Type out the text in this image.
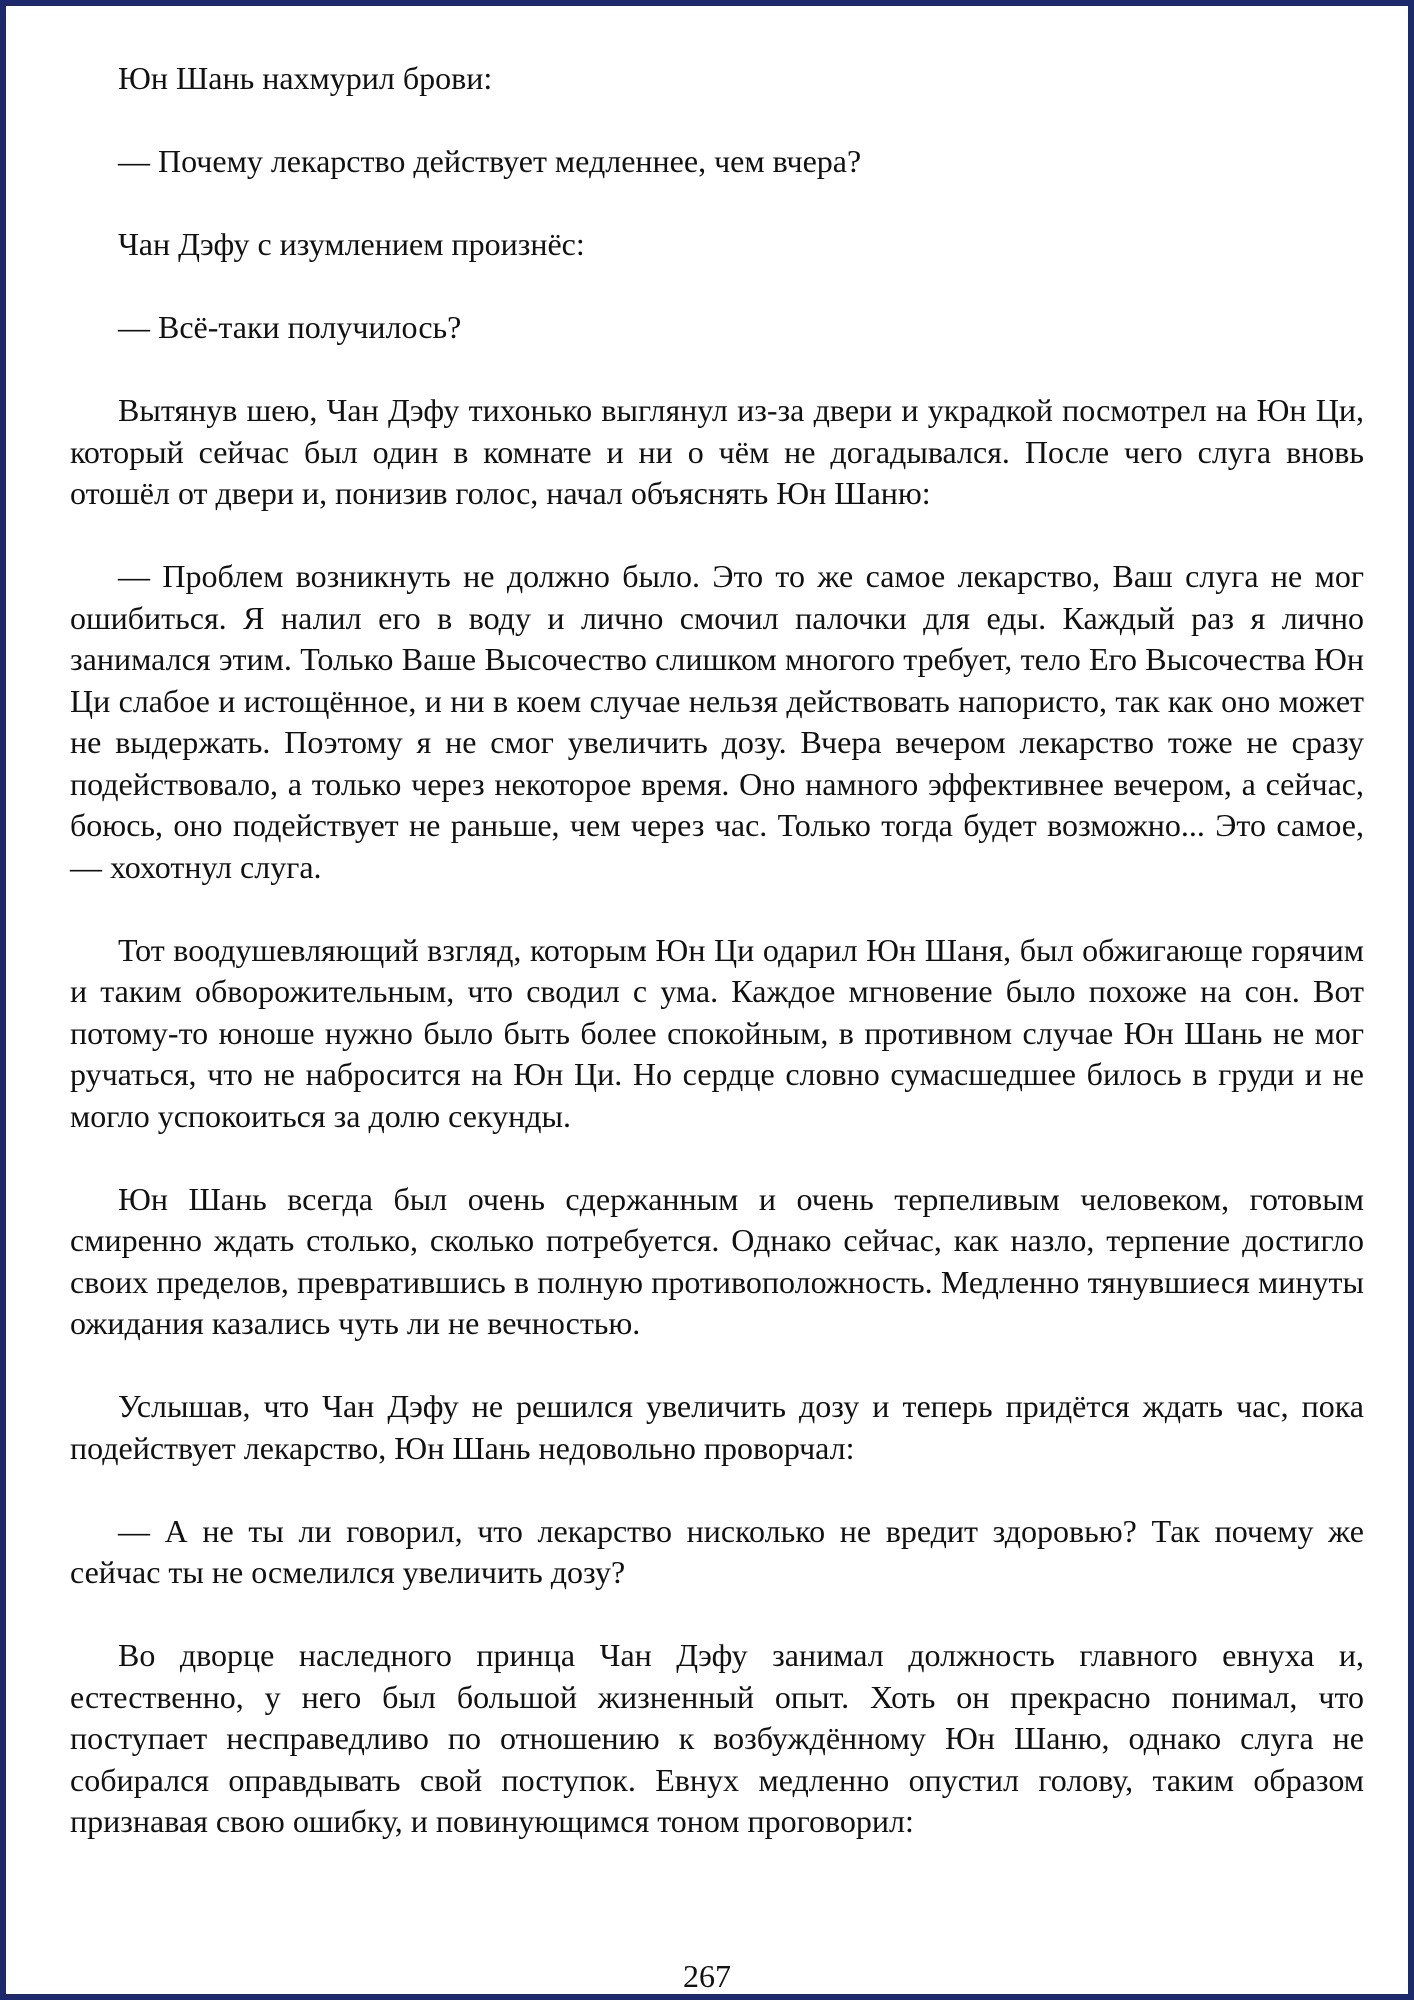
Юн Шань нахмурил брови:

— Почему лекарство действует медленнее, чем вчера?

Чан Дэфу с изумлением произнёс:

— Всё-таки получилось?

Вытянув шею, Чан Дэфу тихонько выглянул из-за двери и украдкой посмотрел на Юн Ци, который сейчас был один в комнате и ни о чём не догадывался. После чего слуга вновь отошёл от двери и, понизив голос, начал объяснять Юн Шаню:

— Проблем возникнуть не должно было. Это то же самое лекарство, Ваш слуга не мог ошибиться. Я налил его в воду и лично смочил палочки для еды. Каждый раз я лично занимался этим. Только Ваше Высочество слишком многого требует, тело Его Высочества Юн Ци слабое и истощённое, и ни в коем случае нельзя действовать напористо, так как оно может не выдержать. Поэтому я не смог увеличить дозу. Вчера вечером лекарство тоже не сразу подействовало, а только через некоторое время. Оно намного эффективнее вечером, а сейчас, боюсь, оно подействует не раньше, чем через час. Только тогда будет возможно... Это самое, — хохотнул слуга.

Тот воодушевляющий взгляд, которым Юн Ци одарил Юн Шаня, был обжигающе горячим и таким обворожительным, что сводил с ума. Каждое мгновение было похоже на сон. Вот потому-то юноше нужно было быть более спокойным, в противном случае Юн Шань не мог ручаться, что не набросится на Юн Ци. Но сердце словно сумасшедшее билось в груди и не могло успокоиться за долю секунды.

Юн Шань всегда был очень сдержанным и очень терпеливым человеком, готовым смиренно ждать столько, сколько потребуется. Однако сейчас, как назло, терпение достигло своих пределов, превратившись в полную противоположность. Медленно тянувшиеся минуты ожидания казались чуть ли не вечностью.

Услышав, что Чан Дэфу не решился увеличить дозу и теперь придётся ждать час, пока подействует лекарство, Юн Шань недовольно проворчал:

— А не ты ли говорил, что лекарство нисколько не вредит здоровью? Так почему же сейчас ты не осмелился увеличить дозу?

Во дворце наследного принца Чан Дэфу занимал должность главного евнуха и, естественно, у него был большой жизненный опыт. Хоть он прекрасно понимал, что поступает несправедливо по отношению к возбуждённому Юн Шаню, однако слуга не собирался оправдывать свой поступок. Евнух медленно опустил голову, таким образом признавая свою ошибку, и повинующимся тоном проговорил:

267
